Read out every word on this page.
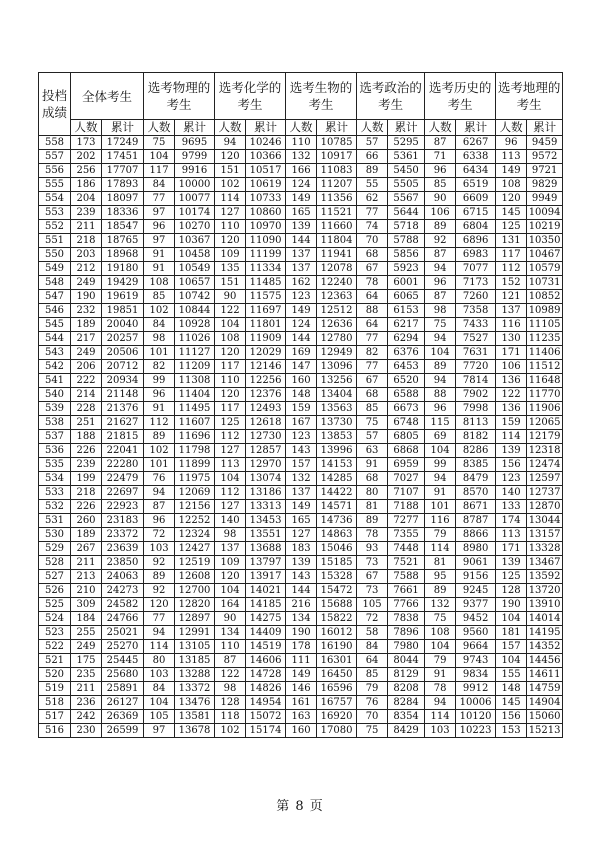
投档成绩	全体考生		选考物理的考生		选考化学的考生		选考生物的考生		选考政治的考生		选考历史的考生		选考地理的考生	
	人数	累计	人数	累计	人数	累计	人数	累计	人数	累计	人数	累计	人数	累计
558	173	17249	75	9695	94	10246	110	10785	57	5295	87	6267	96	9459
557	202	17451	104	9799	120	10366	132	10917	66	5361	71	6338	113	9572
556	256	17707	117	9916	151	10517	166	11083	89	5450	96	6434	149	9721
555	186	17893	84	10000	102	10619	124	11207	55	5505	85	6519	108	9829
554	204	18097	77	10077	114	10733	149	11356	62	5567	90	6609	120	9949
553	239	18336	97	10174	127	10860	165	11521	77	5644	106	6715	145	10094
552	211	18547	96	10270	110	10970	139	11660	74	5718	89	6804	125	10219
551	218	18765	97	10367	120	11090	144	11804	70	5788	92	6896	131	10350
550	203	18968	91	10458	109	11199	137	11941	68	5856	87	6983	117	10467
549	212	19180	91	10549	135	11334	137	12078	67	5923	94	7077	112	10579
548	249	19429	108	10657	151	11485	162	12240	78	6001	96	7173	152	10731
547	190	19619	85	10742	90	11575	123	12363	64	6065	87	7260	121	10852
546	232	19851	102	10844	122	11697	149	12512	88	6153	98	7358	137	10989
545	189	20040	84	10928	104	11801	124	12636	64	6217	75	7433	116	11105
544	217	20257	98	11026	108	11909	144	12780	77	6294	94	7527	130	11235
543	249	20506	101	11127	120	12029	169	12949	82	6376	104	7631	171	11406
542	206	20712	82	11209	117	12146	147	13096	77	6453	89	7720	106	11512
541	222	20934	99	11308	110	12256	160	13256	67	6520	94	7814	136	11648
540	214	21148	96	11404	120	12376	148	13404	68	6588	88	7902	122	11770
539	228	21376	91	11495	117	12493	159	13563	85	6673	96	7998	136	11906
538	251	21627	112	11607	125	12618	167	13730	75	6748	115	8113	159	12065
537	188	21815	89	11696	112	12730	123	13853	57	6805	69	8182	114	12179
536	226	22041	102	11798	127	12857	143	13996	63	6868	104	8286	139	12318
535	239	22280	101	11899	113	12970	157	14153	91	6959	99	8385	156	12474
534	199	22479	76	11975	104	13074	132	14285	68	7027	94	8479	123	12597
533	218	22697	94	12069	112	13186	137	14422	80	7107	91	8570	140	12737
532	226	22923	87	12156	127	13313	149	14571	81	7188	101	8671	133	12870
531	260	23183	96	12252	140	13453	165	14736	89	7277	116	8787	174	13044
530	189	23372	72	12324	98	13551	127	14863	78	7355	79	8866	113	13157
529	267	23639	103	12427	137	13688	183	15046	93	7448	114	8980	171	13328
528	211	23850	92	12519	109	13797	139	15185	73	7521	81	9061	139	13467
527	213	24063	89	12608	120	13917	143	15328	67	7588	95	9156	125	13592
526	210	24273	92	12700	104	14021	144	15472	73	7661	89	9245	128	13720
525	309	24582	120	12820	164	14185	216	15688	105	7766	132	9377	190	13910
524	184	24766	77	12897	90	14275	134	15822	72	7838	75	9452	104	14014
523	255	25021	94	12991	134	14409	190	16012	58	7896	108	9560	181	14195
522	249	25270	114	13105	110	14519	178	16190	84	7980	104	9664	157	14352
521	175	25445	80	13185	87	14606	111	16301	64	8044	79	9743	104	14456
520	235	25680	103	13288	122	14728	149	16450	85	8129	91	9834	155	14611
519	211	25891	84	13372	98	14826	146	16596	79	8208	78	9912	148	14759
518	236	26127	104	13476	128	14954	161	16757	76	8284	94	10006	145	14904
517	242	26369	105	13581	118	15072	163	16920	70	8354	114	10120	156	15060
516	230	26599	97	13678	102	15174	160	17080	75	8429	103	10223	153	15213
第 8 页
